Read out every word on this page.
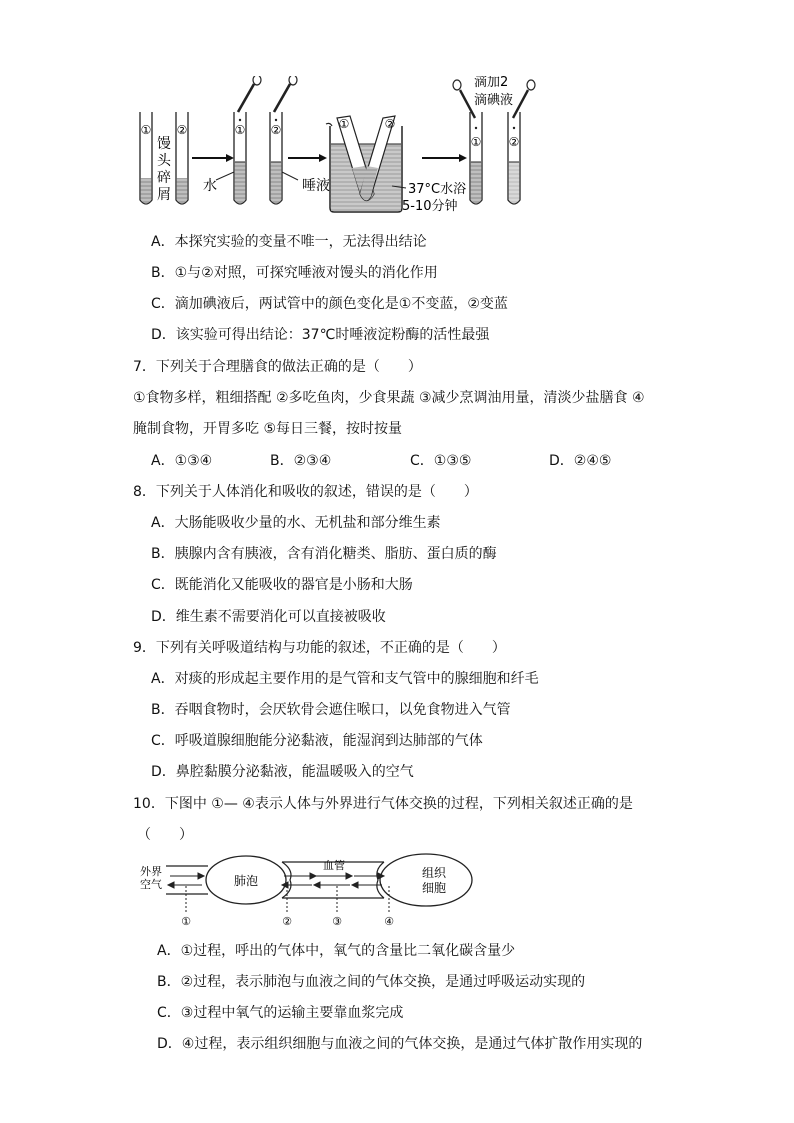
① ②
馒
头
碎
屑
①
水
②
唾液
①	②
37°C水浴
5-10分钟
① ②
滴加2
滴碘液
A．本探究实验的变量不唯一，无法得出结论
B．①与②对照，可探究唾液对馒头的消化作用
C．滴加碘液后，两试管中的颜色变化是①不变蓝，②变蓝
D．该实验可得出结论：37℃时唾液淀粉酶的活性最强
7．下列关于合理膳食的做法正确的是（　　）
①食物多样，粗细搭配 ②多吃鱼肉，少食果蔬 ③减少烹调油用量，清淡少盐膳食 ④
腌制食物，开胃多吃 ⑤每日三餐，按时按量
A．①③④	B．②③④	C．①③⑤	D．②④⑤
8．下列关于人体消化和吸收的叙述，错误的是（　　）
A．大肠能吸收少量的水、无机盐和部分维生素
B．胰腺内含有胰液，含有消化糖类、脂肪、蛋白质的酶
C．既能消化又能吸收的器官是小肠和大肠
D．维生素不需要消化可以直接被吸收
9．下列有关呼吸道结构与功能的叙述，不正确的是（　　）
A．对痰的形成起主要作用的是气管和支气管中的腺细胞和纤毛
B．吞咽食物时，会厌软骨会遮住喉口，以免食物进入气管
C．呼吸道腺细胞能分泌黏液，能湿润到达肺部的气体
D．鼻腔黏膜分泌黏液，能温暖吸入的空气
10．下图中 ①— ④表示人体与外界进行气体交换的过程，下列相关叙述正确的是
（　　）
肺泡
组织
细胞
血管
外界
空气
①	②	③	④
A．①过程，呼出的气体中，氧气的含量比二氧化碳含量少
B．②过程，表示肺泡与血液之间的气体交换，是通过呼吸运动实现的
C．③过程中氧气的运输主要靠血浆完成
D．④过程，表示组织细胞与血液之间的气体交换，是通过气体扩散作用实现的
